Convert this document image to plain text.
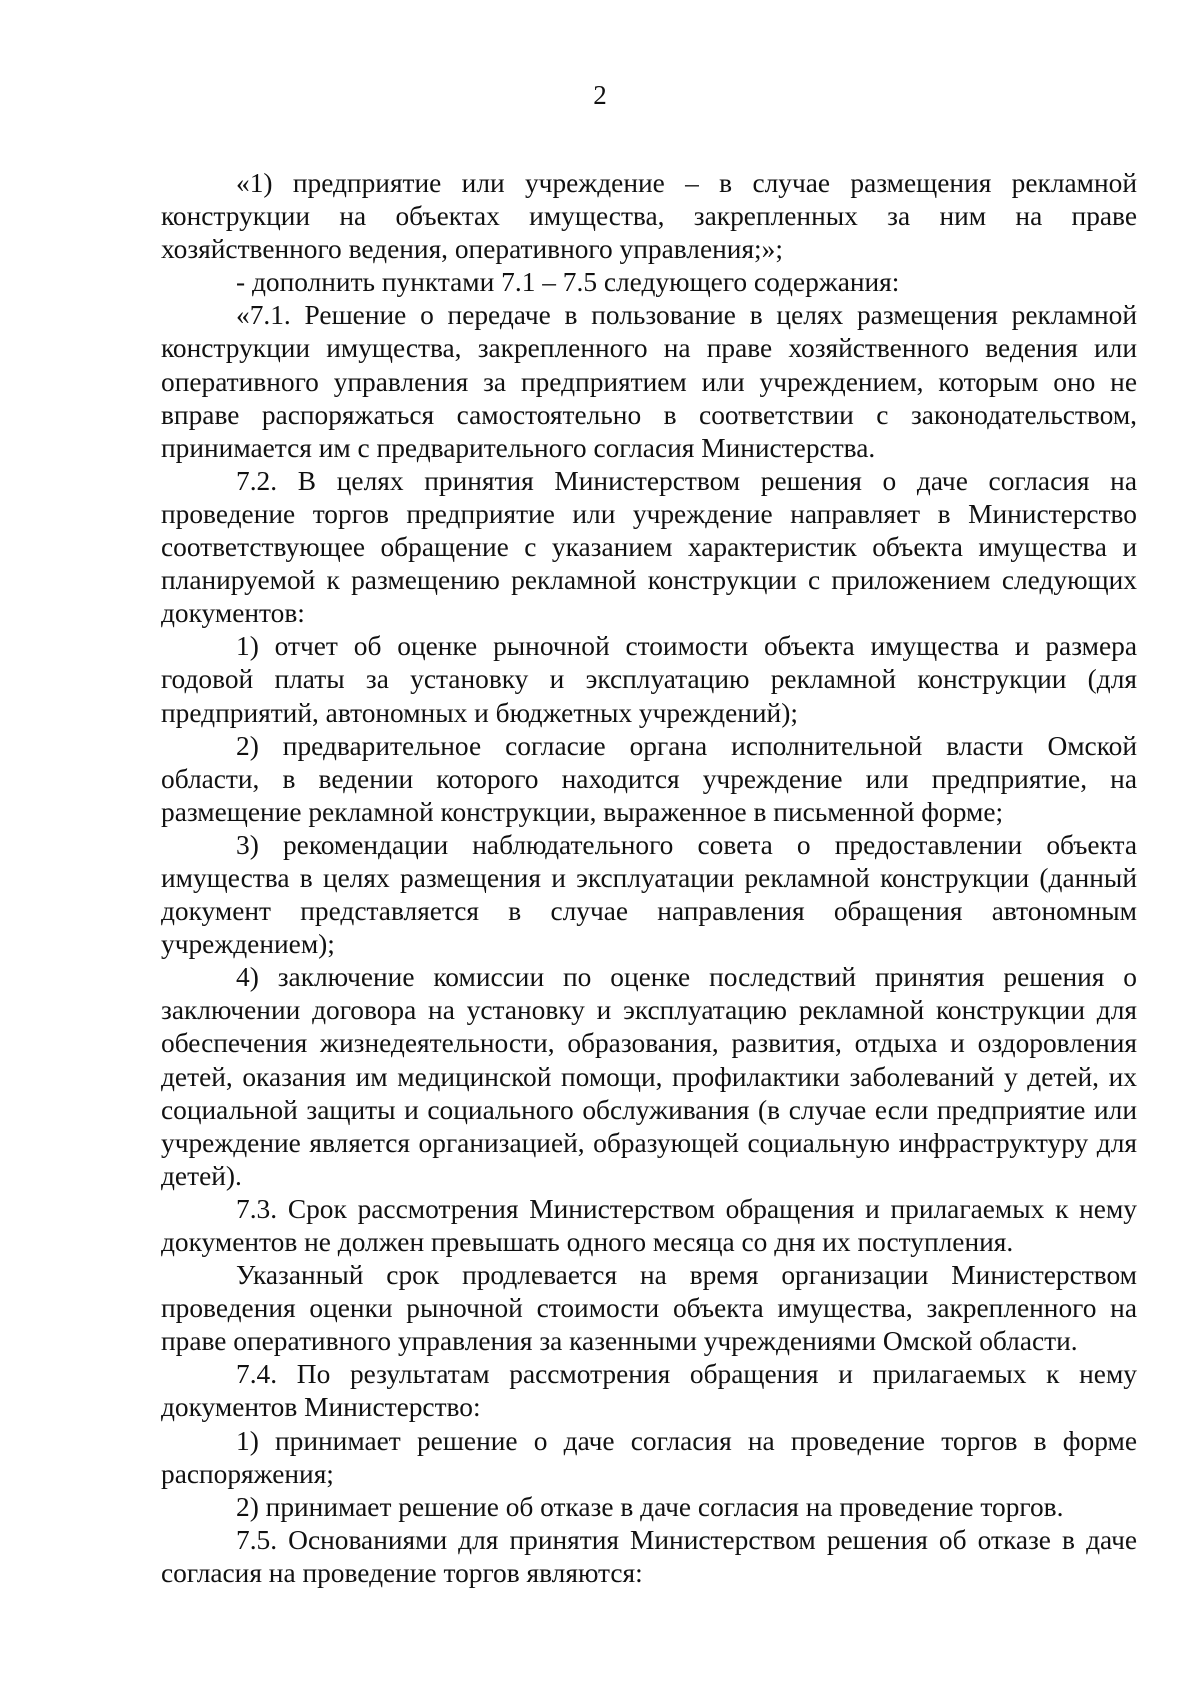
2

«1) предприятие или учреждение – в случае размещения рекламной конструкции на объектах имущества, закрепленных за ним на праве хозяйственного ведения, оперативного управления;»;

- дополнить пунктами 7.1 – 7.5 следующего содержания:

«7.1. Решение о передаче в пользование в целях размещения рекламной конструкции имущества, закрепленного на праве хозяйственного ведения или оперативного управления за предприятием или учреждением, которым оно не вправе распоряжаться самостоятельно в соответствии с законодательством, принимается им с предварительного согласия Министерства.

7.2. В целях принятия Министерством решения о даче согласия на проведение торгов предприятие или учреждение направляет в Министерство соответствующее обращение с указанием характеристик объекта имущества и планируемой к размещению рекламной конструкции с приложением следующих документов:

1) отчет об оценке рыночной стоимости объекта имущества и размера годовой платы за установку и эксплуатацию рекламной конструкции (для предприятий, автономных и бюджетных учреждений);

2) предварительное согласие органа исполнительной власти Омской области, в ведении которого находится учреждение или предприятие, на размещение рекламной конструкции, выраженное в письменной форме;

3) рекомендации наблюдательного совета о предоставлении объекта имущества в целях размещения и эксплуатации рекламной конструкции (данный документ представляется в случае направления обращения автономным учреждением);

4) заключение комиссии по оценке последствий принятия решения о заключении договора на установку и эксплуатацию рекламной конструкции для обеспечения жизнедеятельности, образования, развития, отдыха и оздоровления детей, оказания им медицинской помощи, профилактики заболеваний у детей, их социальной защиты и социального обслуживания (в случае если предприятие или учреждение является организацией, образующей социальную инфраструктуру для детей).

7.3. Срок рассмотрения Министерством обращения и прилагаемых к нему документов не должен превышать одного месяца со дня их поступления.

Указанный срок продлевается на время организации Министерством проведения оценки рыночной стоимости объекта имущества, закрепленного на праве оперативного управления за казенными учреждениями Омской области.

7.4. По результатам рассмотрения обращения и прилагаемых к нему документов Министерство:

1) принимает решение о даче согласия на проведение торгов в форме распоряжения;

2) принимает решение об отказе в даче согласия на проведение торгов.

7.5. Основаниями для принятия Министерством решения об отказе в даче согласия на проведение торгов являются:
